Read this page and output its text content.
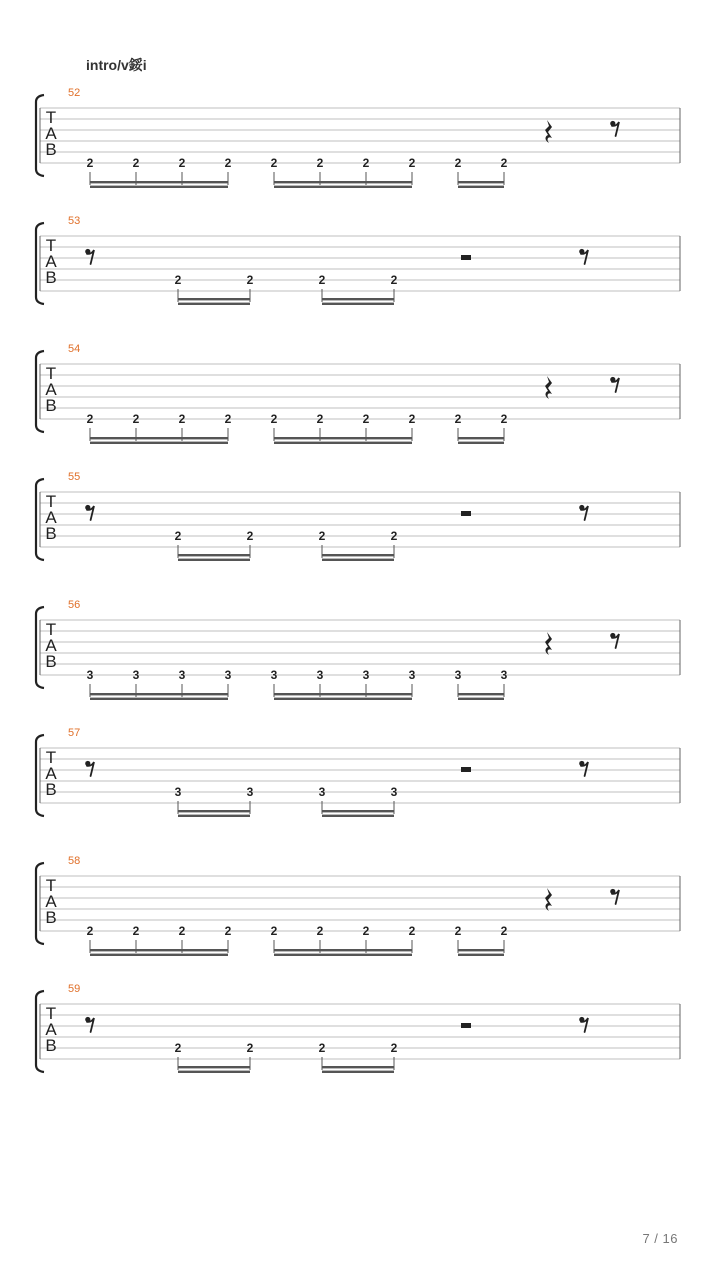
intro/v鋖i
52
T
A
B
2	2	2	2	2	2	2	2	2	2
53
T
A
B	2	2	2	2
54
T
A
B
2	2	2	2	2	2	2	2	2	2
55
T
A
B	2	2	2	2
56
T
A
B
3	3	3	3	3	3	3	3	3	3
57
T
A
B	3	3	3	3
58
T
A
B
2	2	2	2	2	2	2	2	2	2
59
T
A
B	2	2	2	2
7 / 16
